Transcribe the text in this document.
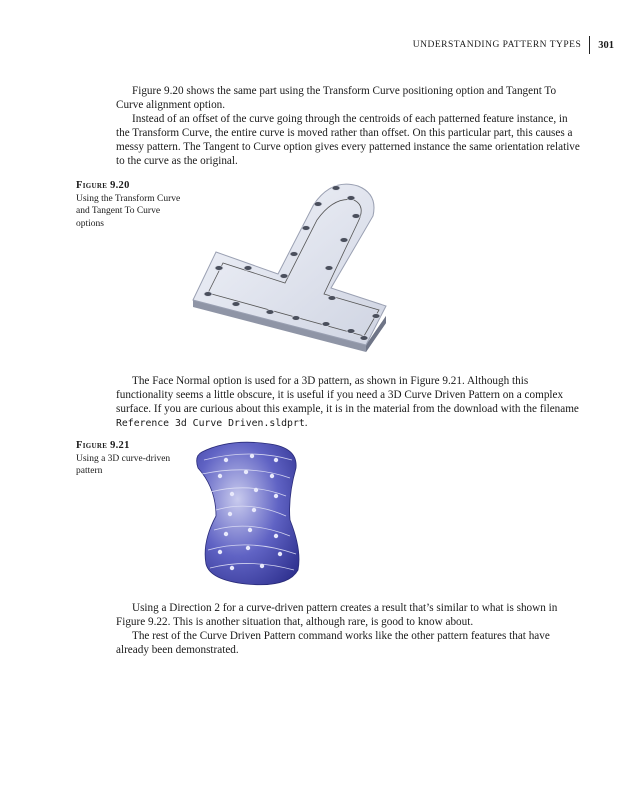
UNDERSTANDING PATTERN TYPES 301

Figure 9.20 shows the same part using the Transform Curve positioning option and Tangent To Curve alignment option.

Instead of an offset of the curve going through the centroids of each patterned feature instance, in the Transform Curve, the entire curve is moved rather than offset. On this particular part, this causes a messy pattern. The Tangent to Curve option gives every patterned instance the same orientation relative to the curve as the original.

Figure 9.20
Using the Transform Curve and Tangent To Curve options

The Face Normal option is used for a 3D pattern, as shown in Figure 9.21. Although this functionality seems a little obscure, it is useful if you need a 3D Curve Driven Pattern on a complex surface. If you are curious about this example, it is in the material from the download with the filename Reference 3d Curve Driven.sldprt.

Figure 9.21
Using a 3D curve-driven pattern

Using a Direction 2 for a curve-driven pattern creates a result that’s similar to what is shown in Figure 9.22. This is another situation that, although rare, is good to know about.

The rest of the Curve Driven Pattern command works like the other pattern features that have already been demonstrated.
